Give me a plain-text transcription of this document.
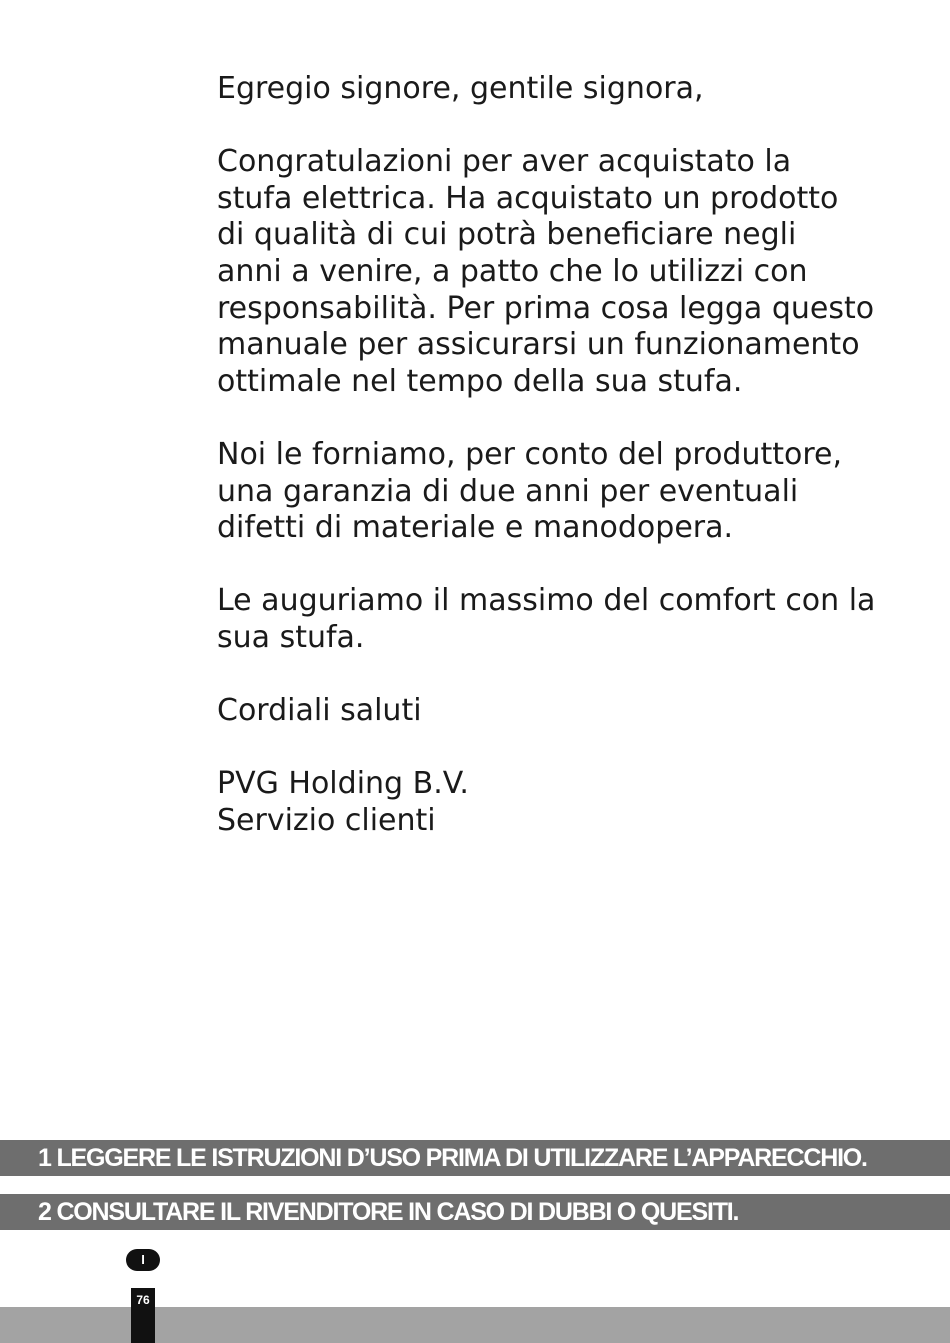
Egregio signore, gentile signora,

Congratulazioni per aver acquistato la
stufa elettrica. Ha acquistato un prodotto
di qualità di cui potrà beneficiare negli
anni a venire, a patto che lo utilizzi con
responsabilità. Per prima cosa legga questo
manuale per assicurarsi un funzionamento
ottimale nel tempo della sua stufa.

Noi le forniamo, per conto del produttore,
una garanzia di due anni per eventuali
difetti di materiale e manodopera.

Le auguriamo il massimo del comfort con la
sua stufa.

Cordiali saluti

PVG Holding B.V.
Servizio clienti

1 LEGGERE LE ISTRUZIONI D’USO PRIMA DI UTILIZZARE L’APPARECCHIO.
2 CONSULTARE IL RIVENDITORE IN CASO DI DUBBI O QUESITI.
I
76
